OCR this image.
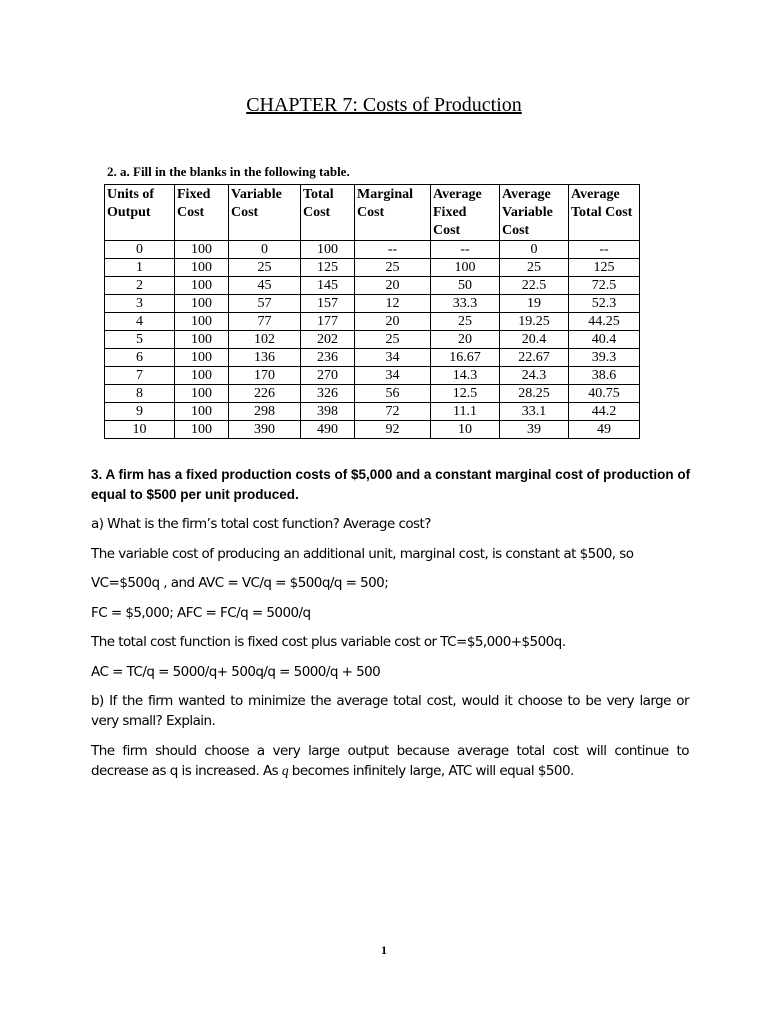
CHAPTER 7: Costs of Production
2. a. Fill in the blanks in the following table.
Units of Output	Fixed Cost	Variable Cost	Total Cost	Marginal Cost	Average Fixed Cost	Average Variable Cost	Average Total Cost
0	100	0	100	--	--	0	--
1	100	25	125	25	100	25	125
2	100	45	145	20	50	22.5	72.5
3	100	57	157	12	33.3	19	52.3
4	100	77	177	20	25	19.25	44.25
5	100	102	202	25	20	20.4	40.4
6	100	136	236	34	16.67	22.67	39.3
7	100	170	270	34	14.3	24.3	38.6
8	100	226	326	56	12.5	28.25	40.75
9	100	298	398	72	11.1	33.1	44.2
10	100	390	490	92	10	39	49
3. A firm has a fixed production costs of $5,000 and a constant marginal cost of production of equal to $500 per unit produced.
a) What is the firm’s total cost function? Average cost?
The variable cost of producing an additional unit, marginal cost, is constant at $500, so
VC=$500q , and AVC = VC/q = $500q/q = 500;
FC = $5,000; AFC = FC/q = 5000/q
The total cost function is fixed cost plus variable cost or TC=$5,000+$500q.
AC = TC/q = 5000/q+ 500q/q = 5000/q + 500
b) If the firm wanted to minimize the average total cost, would it choose to be very large or very small? Explain.
The firm should choose a very large output because average total cost will continue to decrease as q is increased. As q becomes infinitely large, ATC will equal $500.
1
